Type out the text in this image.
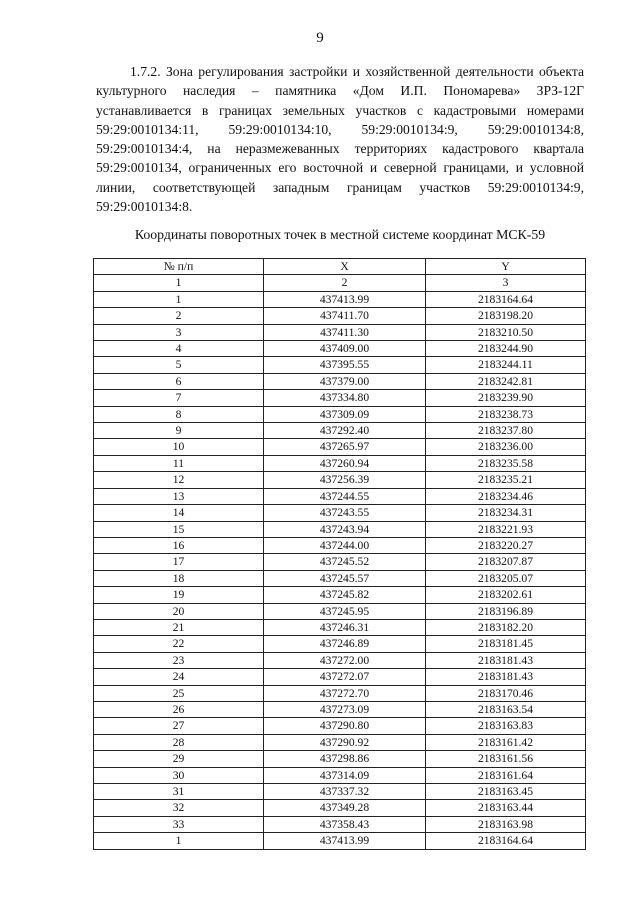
9
1.7.2. Зона регулирования застройки и хозяйственной деятельности объекта культурного наследия – памятника «Дом И.П. Пономарева» ЗРЗ-12Г устанавливается в границах земельных участков с кадастровыми номерами 59:29:0010134:11, 59:29:0010134:10, 59:29:0010134:9, 59:29:0010134:8, 59:29:0010134:4, на неразмежеванных территориях кадастрового квартала 59:29:0010134, ограниченных его восточной и северной границами, и условной линии, соответствующей западным границам участков 59:29:0010134:9, 59:29:0010134:8.
Координаты поворотных точек в местной системе координат МСК-59
№ п/п	X	Y
1	2	3
1	437413.99	2183164.64
2	437411.70	2183198.20
3	437411.30	2183210.50
4	437409.00	2183244.90
5	437395.55	2183244.11
6	437379.00	2183242.81
7	437334.80	2183239.90
8	437309.09	2183238.73
9	437292.40	2183237.80
10	437265.97	2183236.00
11	437260.94	2183235.58
12	437256.39	2183235.21
13	437244.55	2183234.46
14	437243.55	2183234.31
15	437243.94	2183221.93
16	437244.00	2183220.27
17	437245.52	2183207.87
18	437245.57	2183205.07
19	437245.82	2183202.61
20	437245.95	2183196.89
21	437246.31	2183182.20
22	437246.89	2183181.45
23	437272.00	2183181.43
24	437272.07	2183181.43
25	437272.70	2183170.46
26	437273.09	2183163.54
27	437290.80	2183163.83
28	437290.92	2183161.42
29	437298.86	2183161.56
30	437314.09	2183161.64
31	437337.32	2183163.45
32	437349.28	2183163.44
33	437358.43	2183163.98
1	437413.99	2183164.64
